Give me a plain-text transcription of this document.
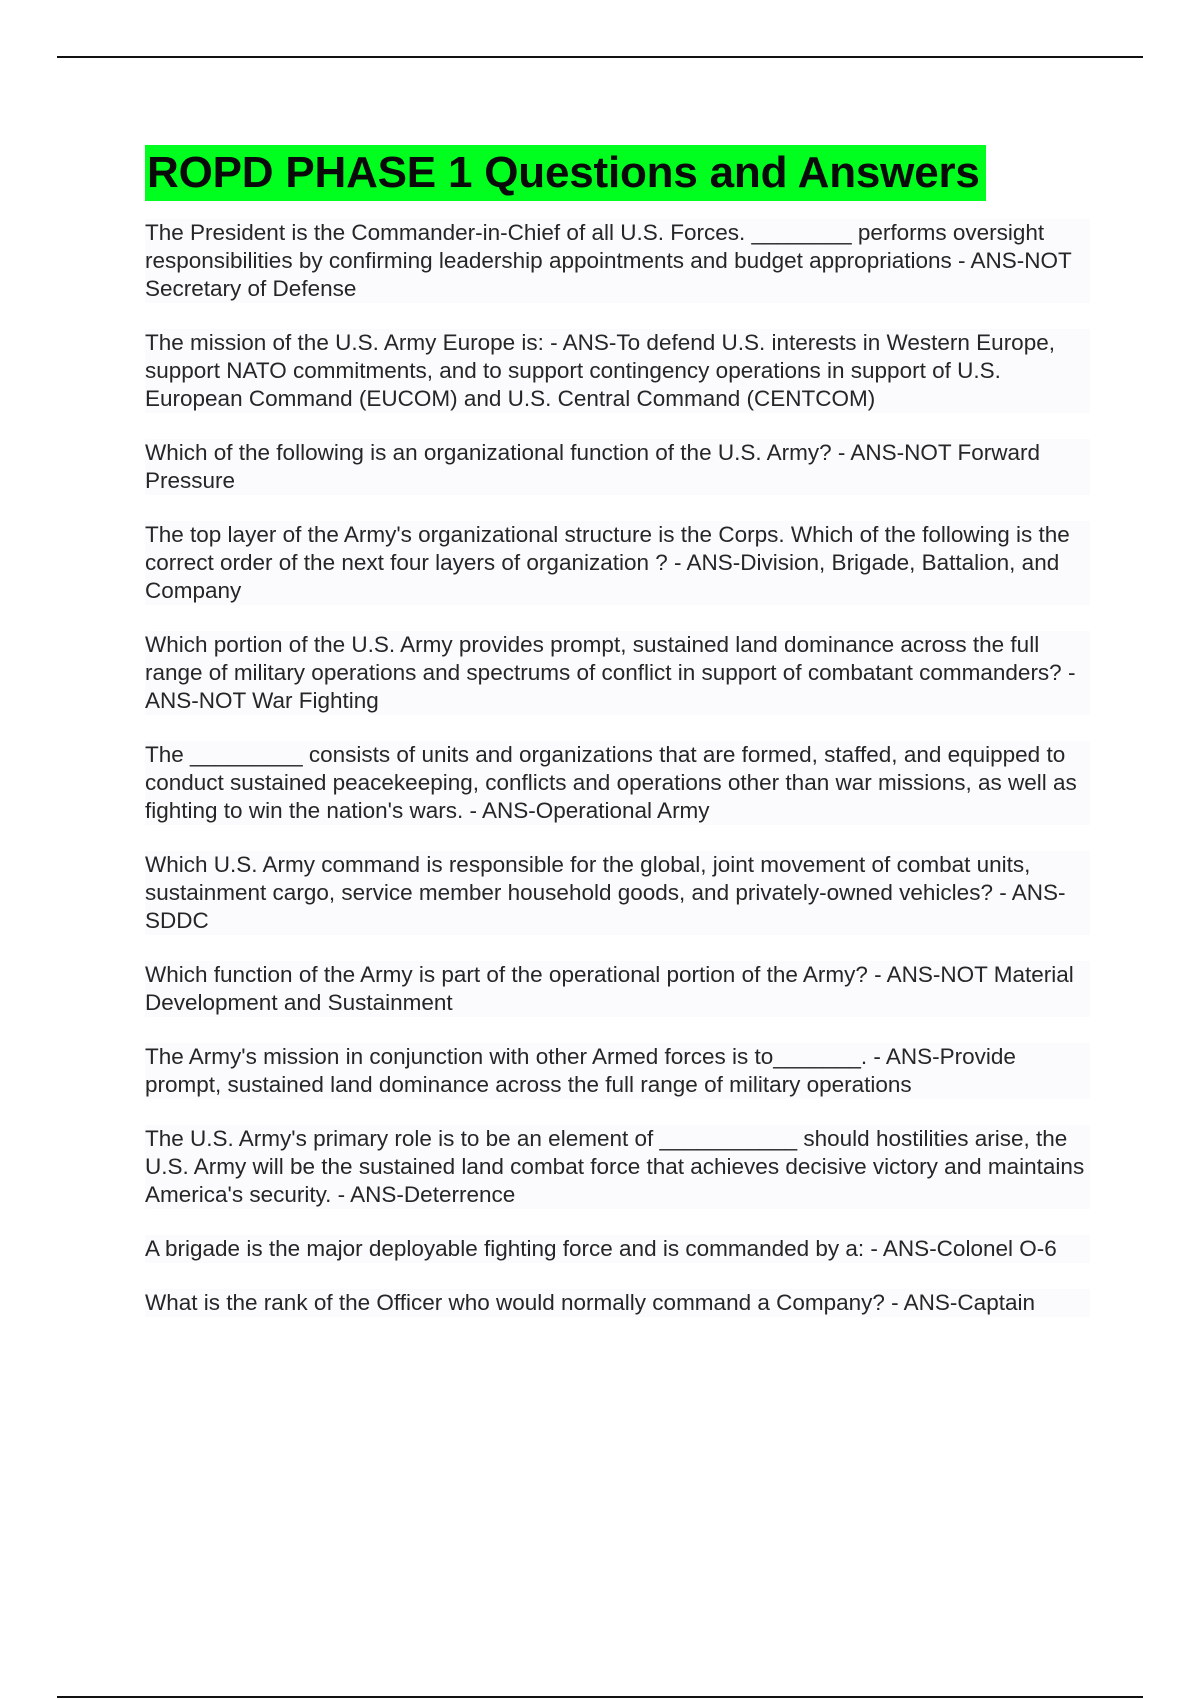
ROPD PHASE 1 Questions and Answers
The President is the Commander-in-Chief of all U.S. Forces. ________ performs oversight responsibilities by confirming leadership appointments and budget appropriations - ANS-NOT Secretary of Defense
The mission of the U.S. Army Europe is: - ANS-To defend U.S. interests in Western Europe, support NATO commitments, and to support contingency operations in support of U.S. European Command (EUCOM) and U.S. Central Command (CENTCOM)
Which of the following is an organizational function of the U.S. Army? - ANS-NOT Forward Pressure
The top layer of the Army's organizational structure is the Corps. Which of the following is the correct order of the next four layers of organization ? - ANS-Division, Brigade, Battalion, and Company
Which portion of the U.S. Army provides prompt, sustained land dominance across the full range of military operations and spectrums of conflict in support of combatant commanders? - ANS-NOT War Fighting
The _________ consists of units and organizations that are formed, staffed, and equipped to conduct sustained peacekeeping, conflicts and operations other than war missions, as well as fighting to win the nation's wars. - ANS-Operational Army
Which U.S. Army command is responsible for the global, joint movement of combat units, sustainment cargo, service member household goods, and privately-owned vehicles? - ANS-SDDC
Which function of the Army is part of the operational portion of the Army? - ANS-NOT Material Development and Sustainment
The Army's mission in conjunction with other Armed forces is to_______. - ANS-Provide prompt, sustained land dominance across the full range of military operations
The U.S. Army's primary role is to be an element of ___________ should hostilities arise, the U.S. Army will be the sustained land combat force that achieves decisive victory and maintains America's security. - ANS-Deterrence
A brigade is the major deployable fighting force and is commanded by a: - ANS-Colonel O-6
What is the rank of the Officer who would normally command a Company? - ANS-Captain
